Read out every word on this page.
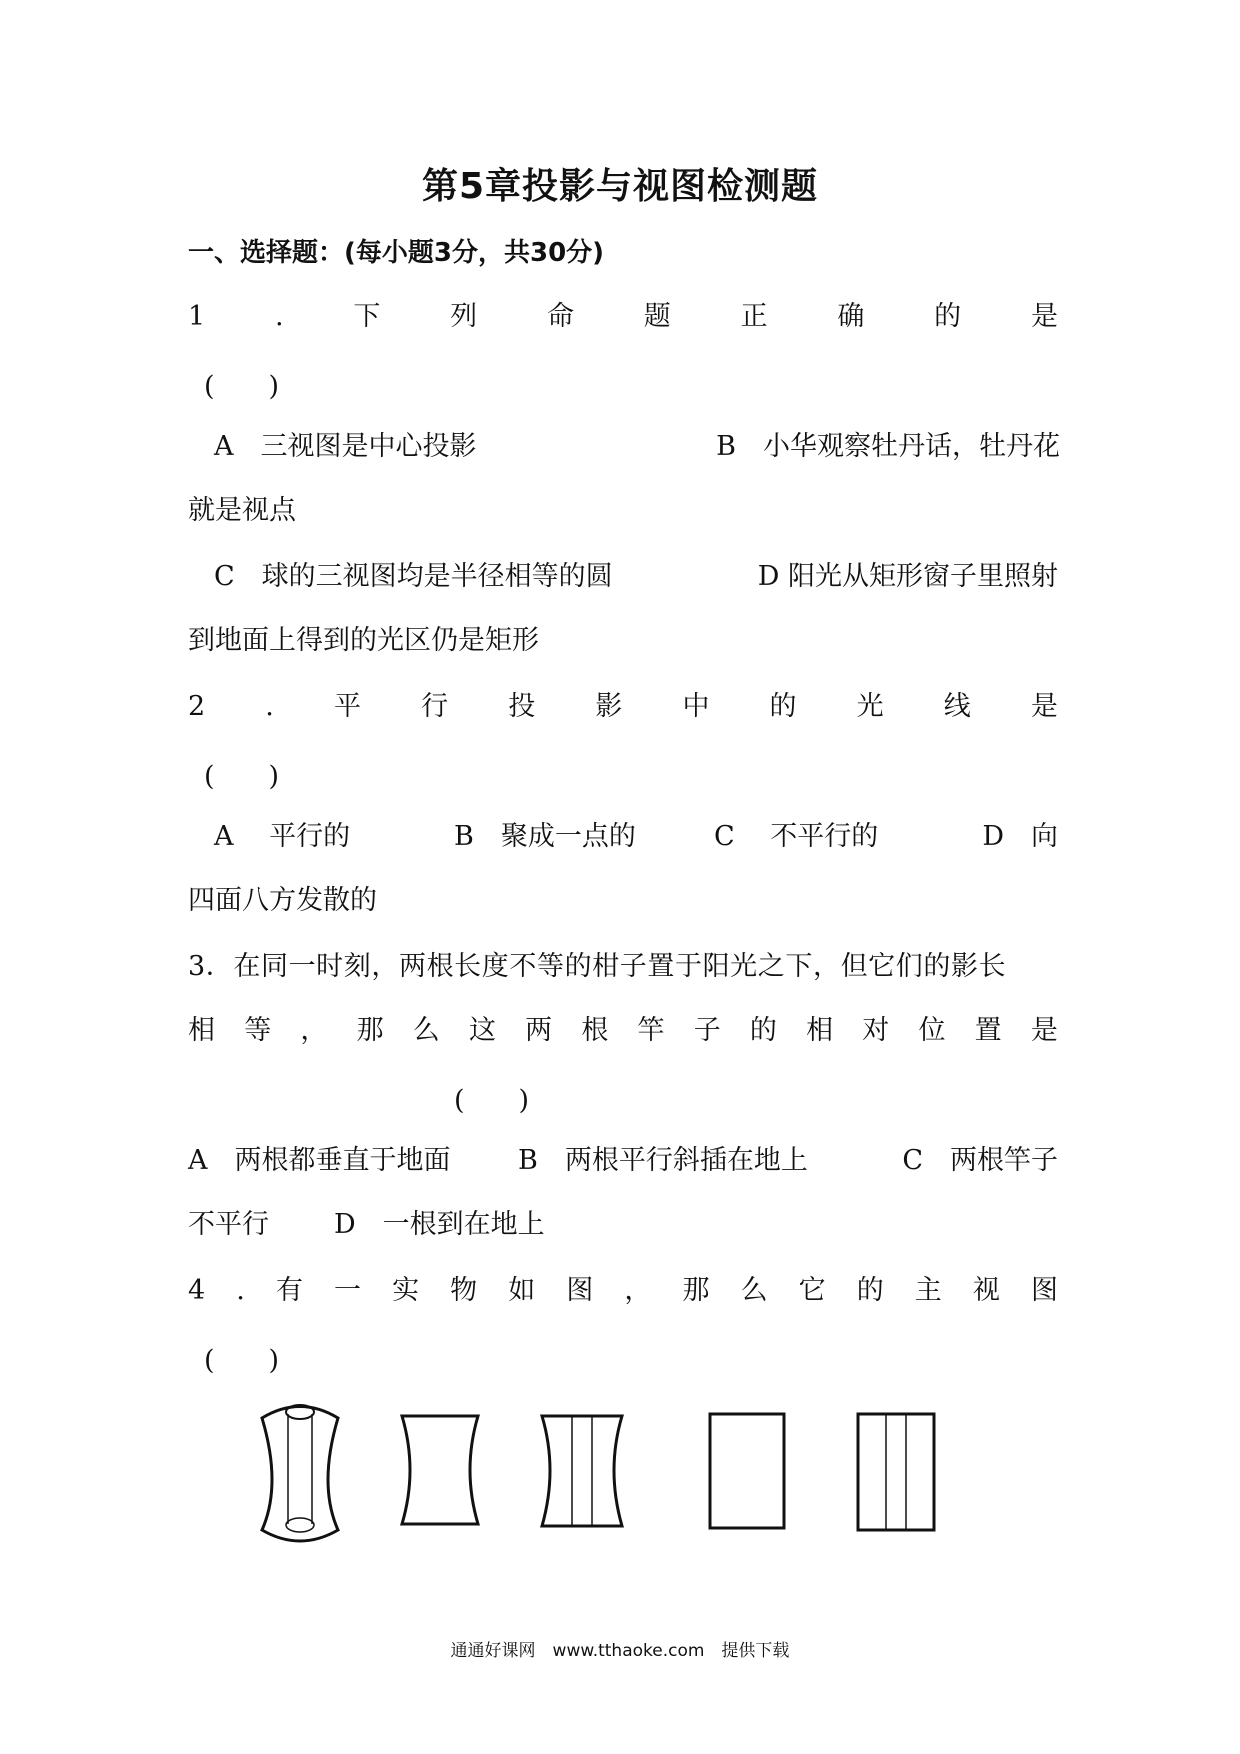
第5章投影与视图检测题
一、选择题：(每小题3分，共30分)
1	.	下	列	命	题	正	确	的	是
(　　)
A　三视图是中心投影	B　小华观察牡丹话，牡丹花
就是视点
C　球的三视图均是半径相等的圆	D 阳光从矩形窗子里照射
到地面上得到的光区仍是矩形
2 . 平 行 投 影 中 的 光 线 是
(　　)
A　 平行的	B　聚成一点的	C　 不平行的	D　向
四面八方发散的
3．在同一时刻，两根长度不等的柑子置于阳光之下，但它们的影长
相 等 ， 那 么 这 两 根 竿 子 的 相 对 位 置 是
(　　)
A　两根都垂直于地面	B　两根平行斜插在地上	C　两根竿子
不平行 D　一根到在地上
4 . 有 一 实 物 如 图 ， 那 么 它 的 主 视 图
(　　)
通通好课网　www.tthaoke.com　提供下载
